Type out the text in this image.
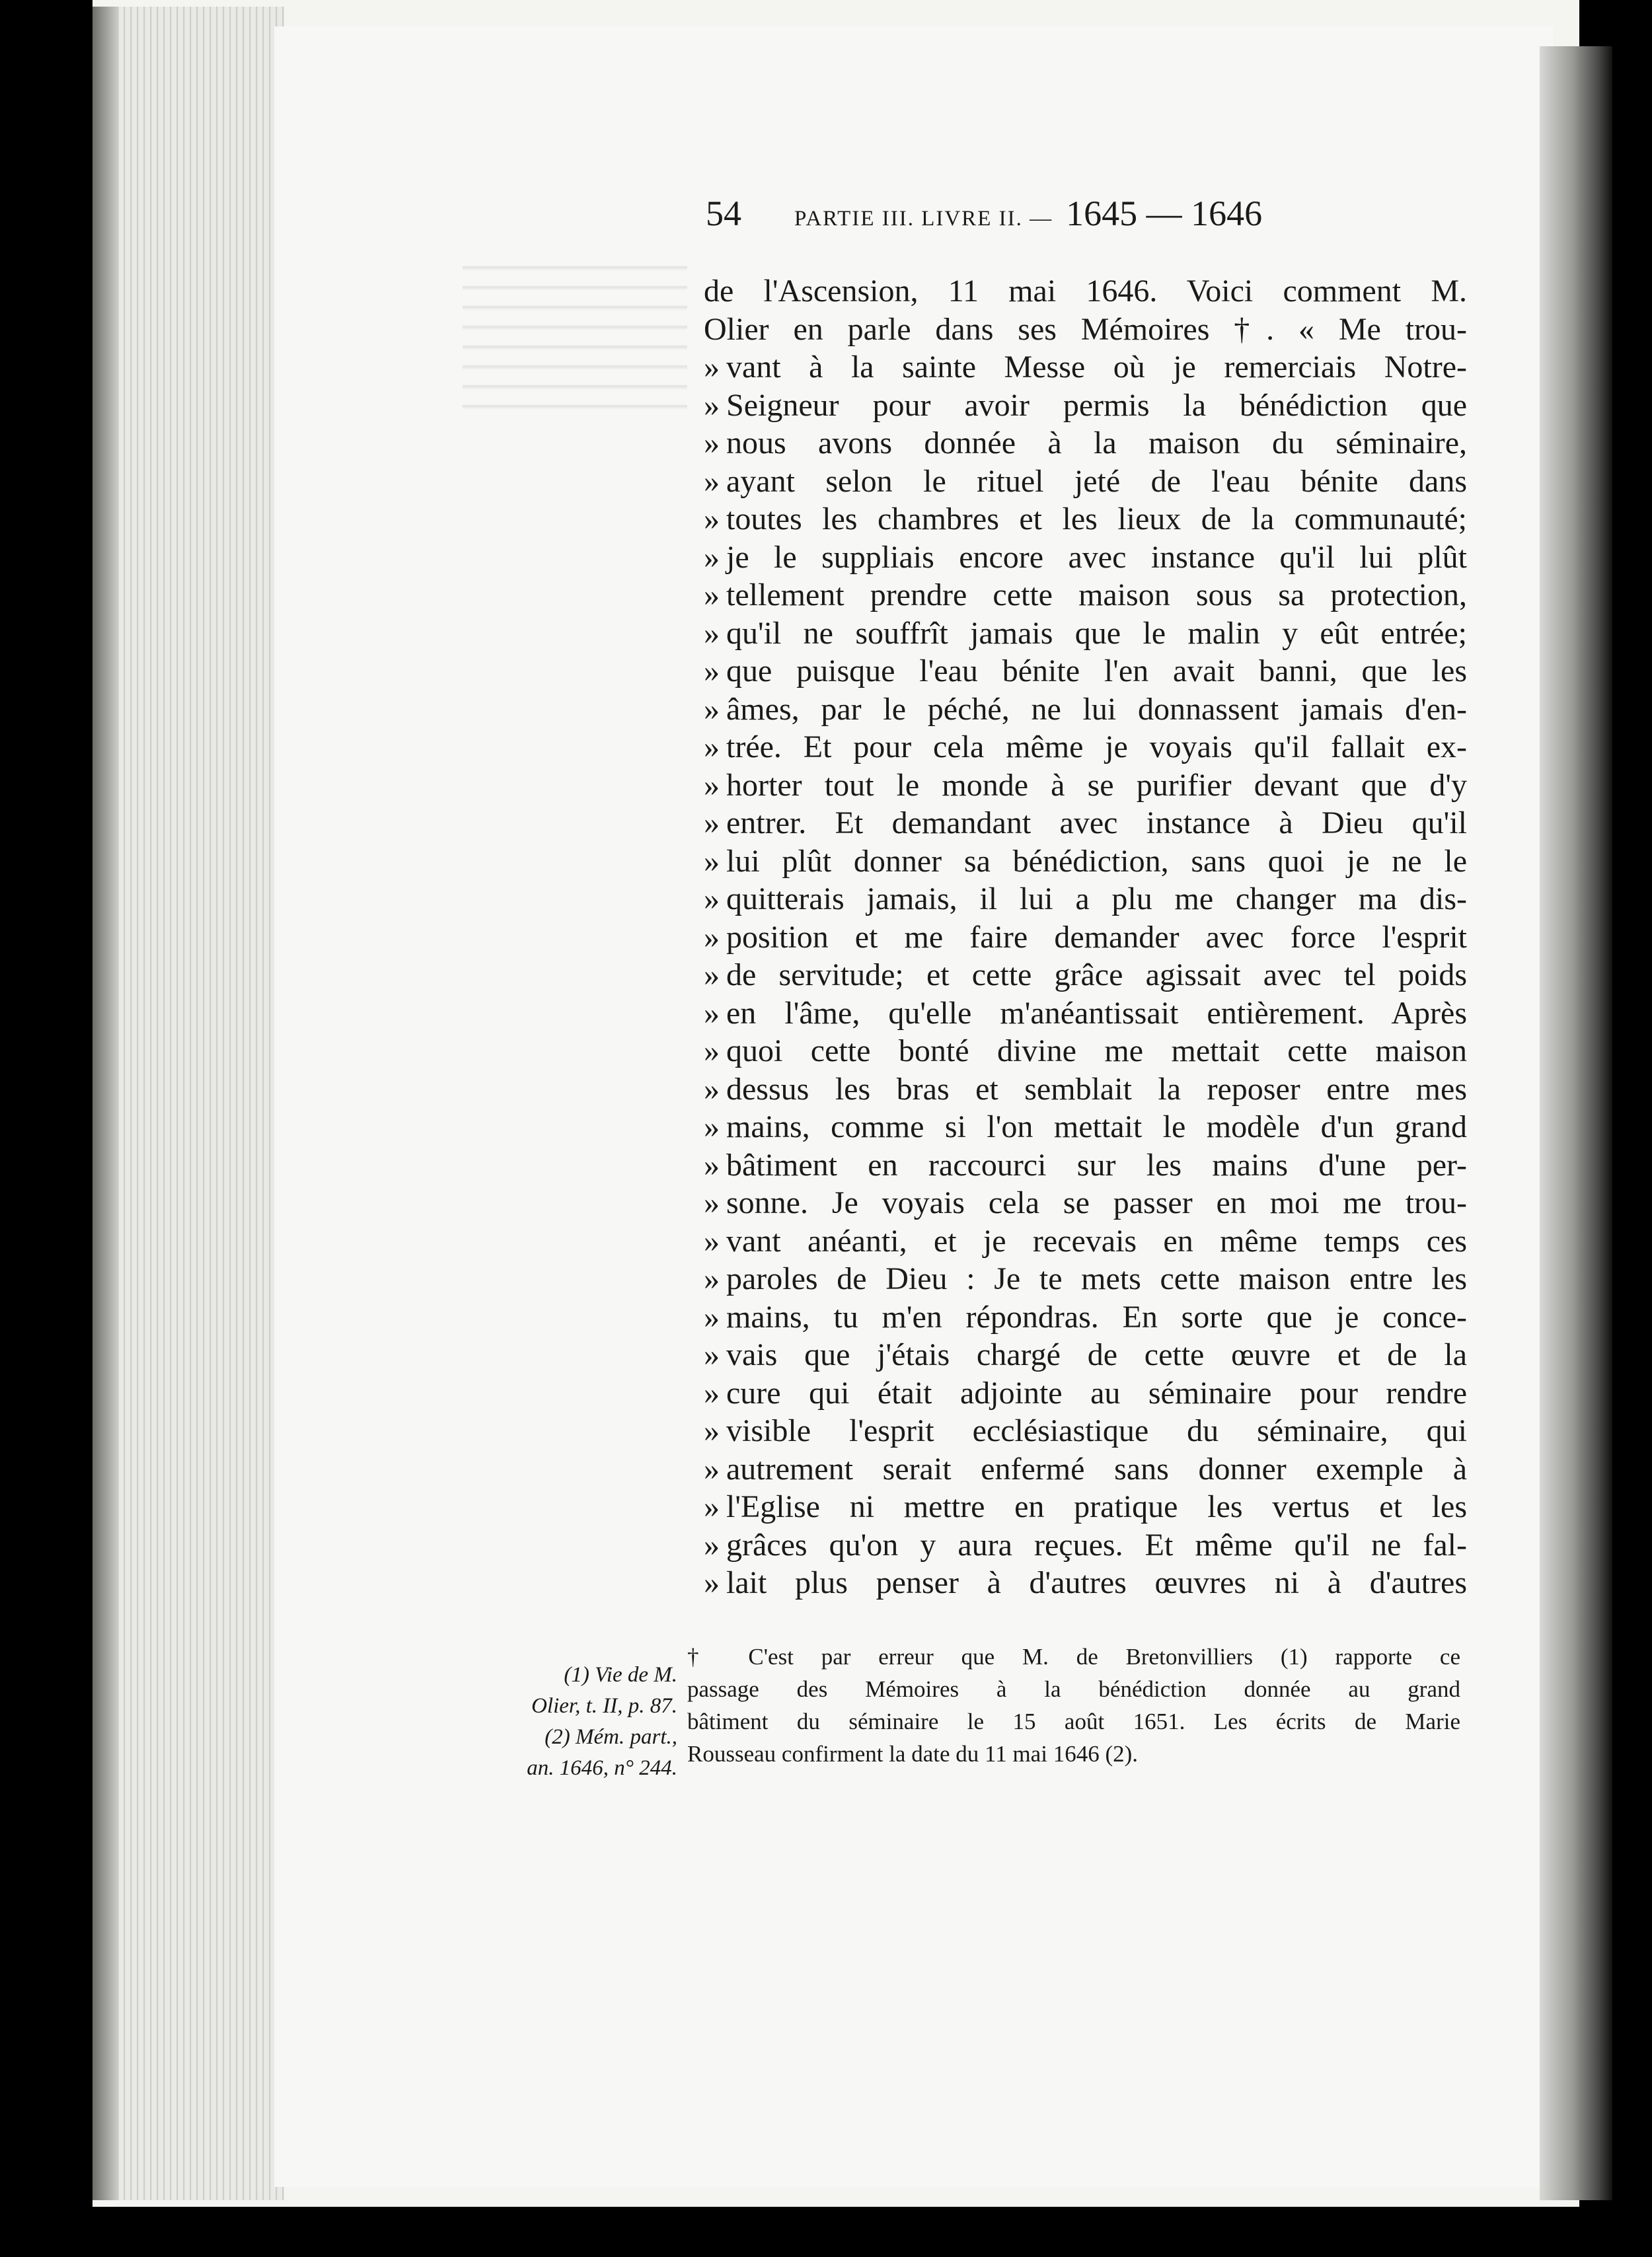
54 PARTIE III. LIVRE II. — 1645 — 1646
de l'Ascension, 11 mai 1646. Voici comment M.
Olier en parle dans ses Mémoires †. « Me trou-
» vant à la sainte Messe où je remerciais Notre-
» Seigneur pour avoir permis la bénédiction que
» nous avons donnée à la maison du séminaire,
» ayant selon le rituel jeté de l'eau bénite dans
» toutes les chambres et les lieux de la communauté;
» je le suppliais encore avec instance qu'il lui plût
» tellement prendre cette maison sous sa protection,
» qu'il ne souffrît jamais que le malin y eût entrée;
» que puisque l'eau bénite l'en avait banni, que les
» âmes, par le péché, ne lui donnassent jamais d'en-
» trée. Et pour cela même je voyais qu'il fallait ex-
» horter tout le monde à se purifier devant que d'y
» entrer. Et demandant avec instance à Dieu qu'il
» lui plût donner sa bénédiction, sans quoi je ne le
» quitterais jamais, il lui a plu me changer ma dis-
» position et me faire demander avec force l'esprit
» de servitude; et cette grâce agissait avec tel poids
» en l'âme, qu'elle m'anéantissait entièrement. Après
» quoi cette bonté divine me mettait cette maison
» dessus les bras et semblait la reposer entre mes
» mains, comme si l'on mettait le modèle d'un grand
» bâtiment en raccourci sur les mains d'une per-
» sonne. Je voyais cela se passer en moi me trou-
» vant anéanti, et je recevais en même temps ces
» paroles de Dieu : Je te mets cette maison entre les
» mains, tu m'en répondras. En sorte que je conce-
» vais que j'étais chargé de cette œuvre et de la
» cure qui était adjointe au séminaire pour rendre
» visible l'esprit ecclésiastique du séminaire, qui
» autrement serait enfermé sans donner exemple à
» l'Eglise ni mettre en pratique les vertus et les
» grâces qu'on y aura reçues. Et même qu'il ne fal-
» lait plus penser à d'autres œuvres ni à d'autres
(1) Vie de M.
Olier, t. II, p. 87.
(2) Mém. part.,
an. 1646, n° 244.
† C'est par erreur que M. de Bretonvilliers (1) rapporte ce
passage des Mémoires à la bénédiction donnée au grand
bâtiment du séminaire le 15 août 1651. Les écrits de Marie
Rousseau confirment la date du 11 mai 1646 (2).
